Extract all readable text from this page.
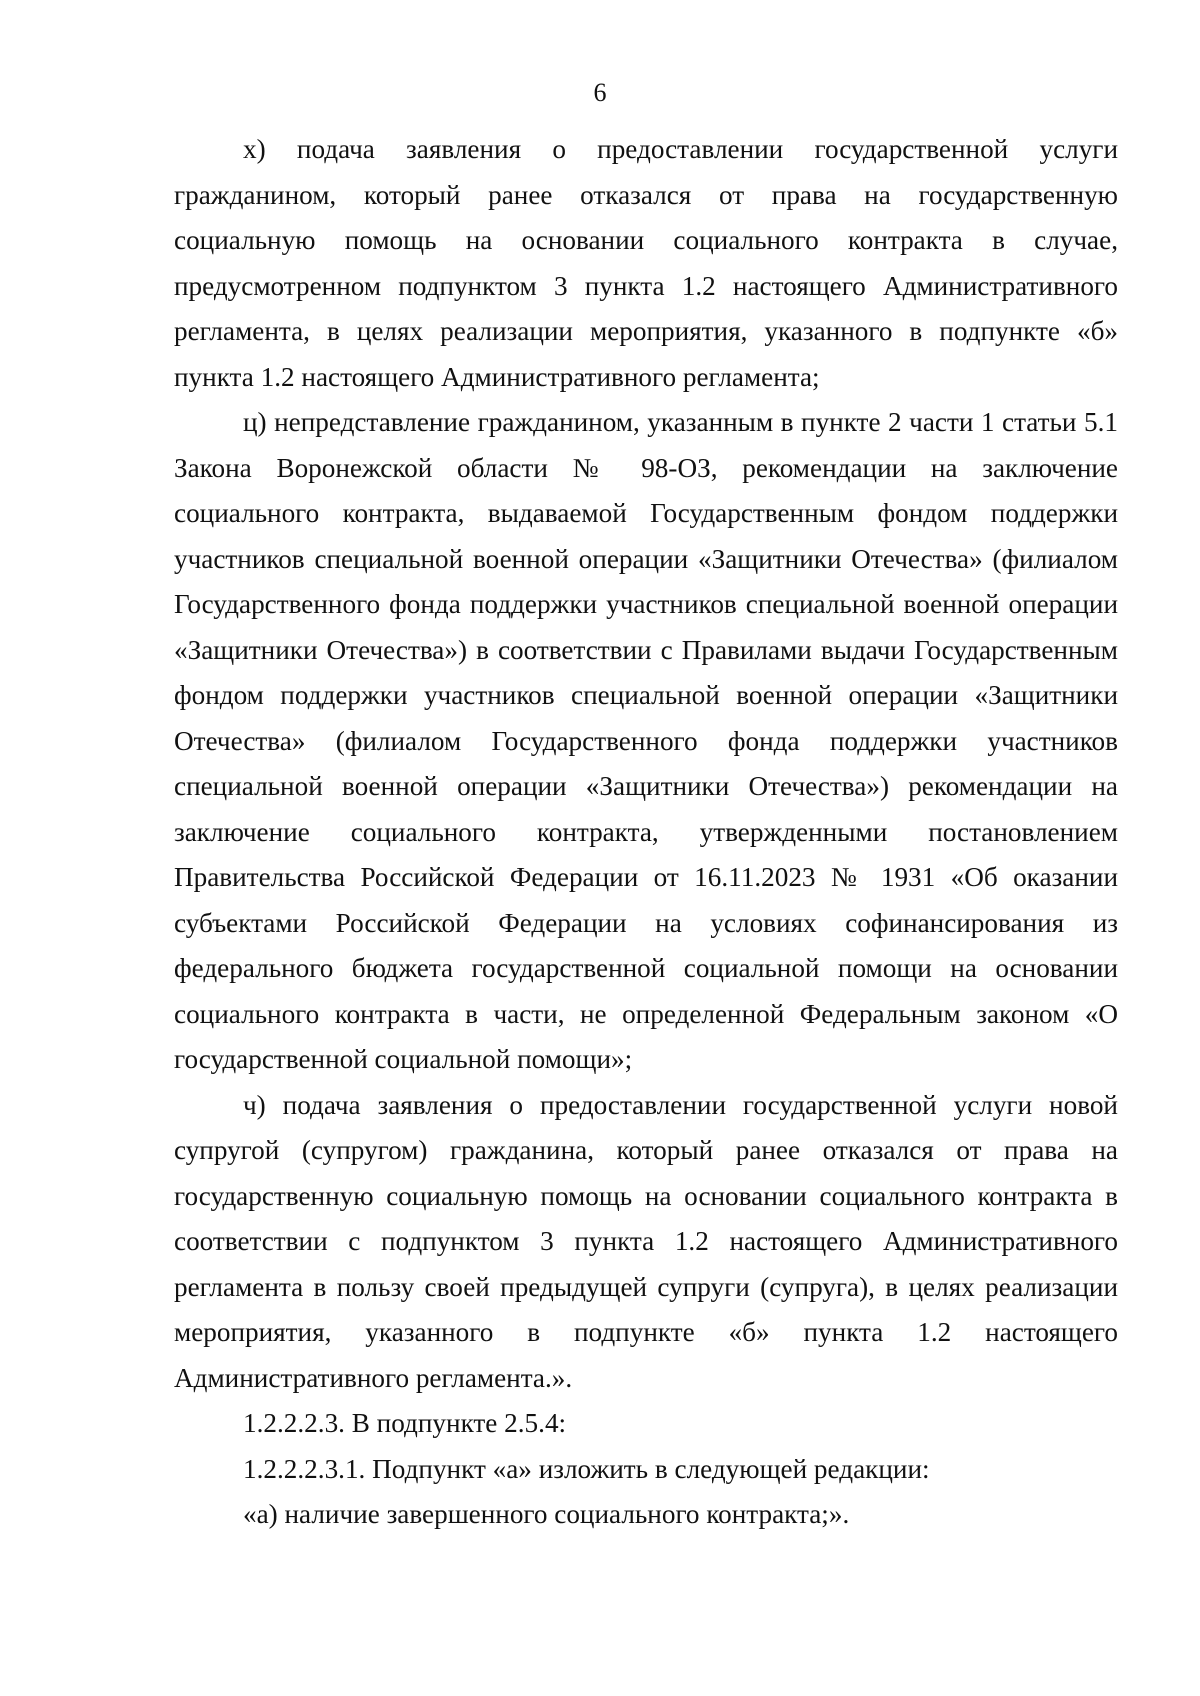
6

х) подача заявления о предоставлении государственной услуги гражданином, который ранее отказался от права на государственную социальную помощь на основании социального контракта в случае, предусмотренном подпунктом 3 пункта 1.2 настоящего Административного регламента, в целях реализации мероприятия, указанного в подпункте «б» пункта 1.2 настоящего Административного регламента;

ц) непредставление гражданином, указанным в пункте 2 части 1 статьи 5.1 Закона Воронежской области № 98-ОЗ, рекомендации на заключение социального контракта, выдаваемой Государственным фондом поддержки участников специальной военной операции «Защитники Отечества» (филиалом Государственного фонда поддержки участников специальной военной операции «Защитники Отечества») в соответствии с Правилами выдачи Государственным фондом поддержки участников специальной военной операции «Защитники Отечества» (филиалом Государственного фонда поддержки участников специальной военной операции «Защитники Отечества») рекомендации на заключение социального контракта, утвержденными постановлением Правительства Российской Федерации от 16.11.2023 № 1931 «Об оказании субъектами Российской Федерации на условиях софинансирования из федерального бюджета государственной социальной помощи на основании социального контракта в части, не определенной Федеральным законом «О государственной социальной помощи»;

ч) подача заявления о предоставлении государственной услуги новой супругой (супругом) гражданина, который ранее отказался от права на государственную социальную помощь на основании социального контракта в соответствии с подпунктом 3 пункта 1.2 настоящего Административного регламента в пользу своей предыдущей супруги (супруга), в целях реализации мероприятия, указанного в подпункте «б» пункта 1.2 настоящего Административного регламента.».

1.2.2.2.3. В подпункте 2.5.4:

1.2.2.2.3.1. Подпункт «а» изложить в следующей редакции:

«а) наличие завершенного социального контракта;».
